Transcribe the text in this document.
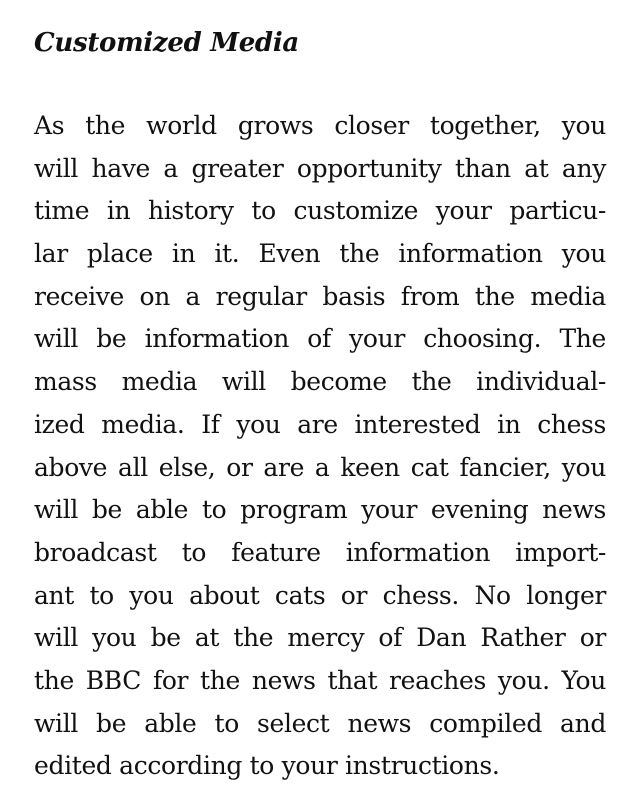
Customized Media
As the world grows closer together, you
will have a greater opportunity than at any
time in history to customize your particu-
lar place in it. Even the information you
receive on a regular basis from the media
will be information of your choosing. The
mass media will become the individual-
ized media. If you are interested in chess
above all else, or are a keen cat fancier, you
will be able to program your evening news
broadcast to feature information import-
ant to you about cats or chess. No longer
will you be at the mercy of Dan Rather or
the BBC for the news that reaches you. You
will be able to select news compiled and
edited according to your instructions.
